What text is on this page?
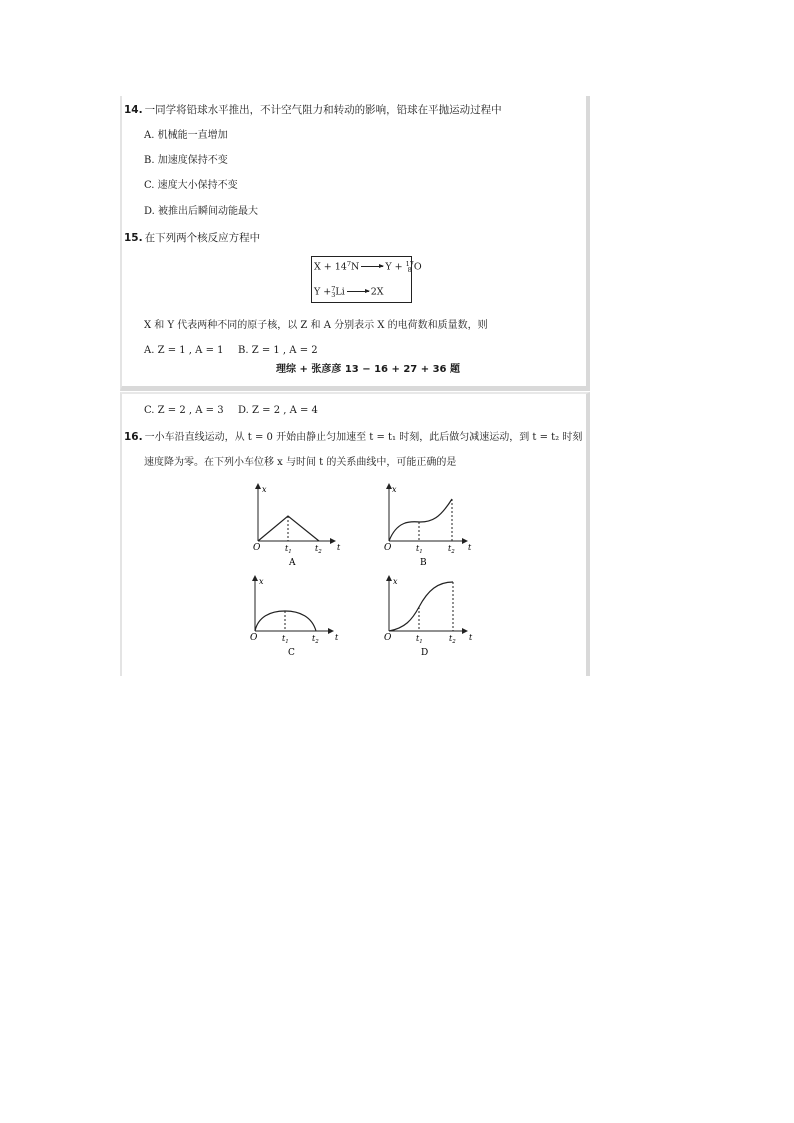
14. 一同学将铅球水平推出，不计空气阻力和转动的影响，铅球在平抛运动过程中
A. 机械能一直增加
B. 加速度保持不变
C. 速度大小保持不变
D. 被推出后瞬间动能最大
15. 在下列两个核反应方程中
$X + 14^7N \to Y + 17$
8 O
Y + 7
3 Li → 2X
X 和 Y 代表两种不同的原子核，以 Z 和 A 分别表示 X 的电荷数和质量数，则
A. Z = 1 , A = 1 B. Z = 1 , A = 2
理综 + 张彦彦 13 − 16 + 27 + 36 题
C. Z = 2 , A = 3 D. Z = 2 , A = 4
16. 一小车沿直线运动，从 t = 0 开始由静止匀加速至 t = t₁ 时刻，此后做匀减速运动，到 t = t₂ 时刻
速度降为零。在下列小车位移 x 与时间 t 的关系曲线中，可能正确的是
x
O	$t_1$	$t_2$ t
A
x
O	$t_1$	$t_2$ t
B
x
O	$t_1$	$t_2$ t
C
x
O	$t_1$	$t_2$ t
D
